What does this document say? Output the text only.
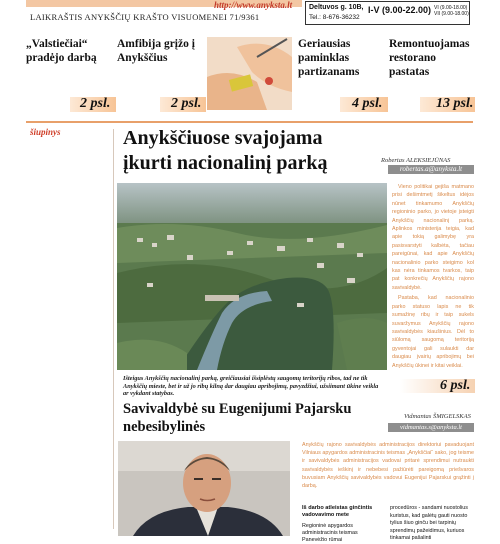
http://www.anyksta.lt
LAIKRAŠTIS ANYKŠČIŲ KRAŠTO VISUOMENEI 71/9361
Deltuvos g. 10B,
Tel.: 8-676-36232
I-V (9.00-22.00) VI (9.00-18.00)
VII (9.00-18.00)
„Valstiečiai“ pradėjo darbą
Amfibija grįžo į Anykščius
Geriausias paminklas partizanams
Remontuojamas restorano pastatas
2 psl.	2 psl.	4 psl.	13 psl.
šiupinys	Anykščiuose svajojama įkurti nacionalinį parką	Robertas ALEKSIEJŪNAS
robertas.a@anyksta.lt
Išteigus Anykščių nacionalinį parką, greičiausiai išsiplėstų saugomų teritorijų ribos, tad ne tik Anykščių mieste, bet ir už jo ribų kilną dar daugiau apribojimų, pavyzdžiui, užsiimant ūkine veikla ar vykdant statybas.

Vieno politikai gejiša matmano prisi dešimtmetį šikeltus idėjos nūnet tinkamumo Anykščių regioninio parko, jo vietoje įsteigti Anykščių nacionalinį parką. Aplinkos ministerija teigia, kad apie tokią galimybę yra pasisvarstyti kalbėta, tačiau pareigūnai, kad apie Anykščių nacionalinio parko steigimo kol kas nėra tinkamos tvarkos, taip pat konkrečių Anykščių rajono savivaldybė.

Pastaba, kad nacionalinio parko statuso lapis ne tik sumažinę ribų ir taip sukels suvaržymus Anykščių rajono savivaldybės kiaušinius. Dėl to siūlomą saugomą teritoriją gyventojai gali sulaukti dar daugiau įvairių apribojimų bei Anykščių ūkinei ir kitai veiklai.

6 psl.
Savivaldybė su Eugenijumi Pajarsku nebesibylinės
Vidmantas ŠMIGELSKAS
vidmantas.s@anyksta.lt
Anykščių rajono savivaldybės administracijos direktoriui pavaduojant Vilniaus apygardos administracinis teismas „Anykščiai“ sako, jog teisme ir savivaldybės administracijos vadovai pritarė sprendimui nutraukti savivaldybės ieškinį ir nebebesi pažiūrėti pareigomą priešvaros buvusiam Anykščių savivaldybės vadovui Eugenijui Pajarskui grąžinti į darbą.
Iš darbo atleistas ginčintis vadovavimo mete
Regioninė apygardos administracinis teismas Panevėžio rūmai
procedūros - sandami nuostolius kuristus, kad galėtų gauti nuosto tylius šiuo ginču bei tarpinių sprendimų pažeidimus, kuriuos tinkamai pašalinti
